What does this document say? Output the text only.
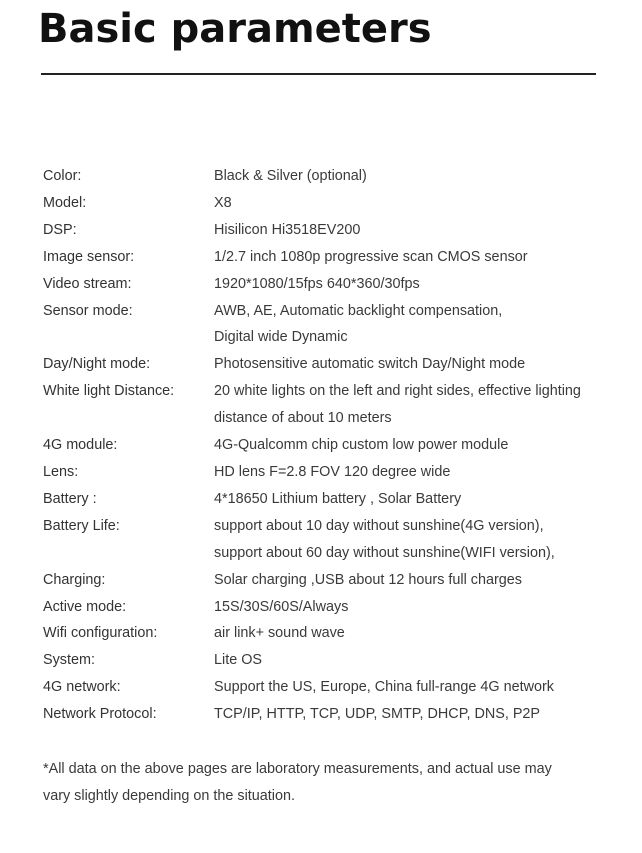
Basic parameters
Color:	Black & Silver (optional)
Model:	X8
DSP:	Hisilicon Hi3518EV200
Image sensor:	1/2.7 inch 1080p progressive scan CMOS sensor
Video stream:	1920*1080/15fps 640*360/30fps
Sensor mode:	AWB, AE, Automatic backlight compensation,
Digital wide Dynamic
Day/Night mode:	Photosensitive automatic switch Day/Night mode
White light Distance:	20 white lights on the left and right sides, effective lighting
distance of about 10 meters
4G module:	4G-Qualcomm chip custom low power module
Lens:	HD lens F=2.8 FOV 120 degree wide
Battery :	4*18650 Lithium battery , Solar Battery
Battery Life:	support about 10 day without sunshine(4G version),
support about 60 day without sunshine(WIFI version),
Charging:	Solar charging ,USB about 12 hours full charges
Active mode:	15S/30S/60S/Always
Wifi configuration:	air link+ sound wave
System:	Lite OS
4G network:	Support the US, Europe, China full-range 4G network
Network Protocol:	TCP/IP, HTTP, TCP, UDP, SMTP, DHCP, DNS, P2P
*All data on the above pages are laboratory measurements, and actual use may
vary slightly depending on the situation.
